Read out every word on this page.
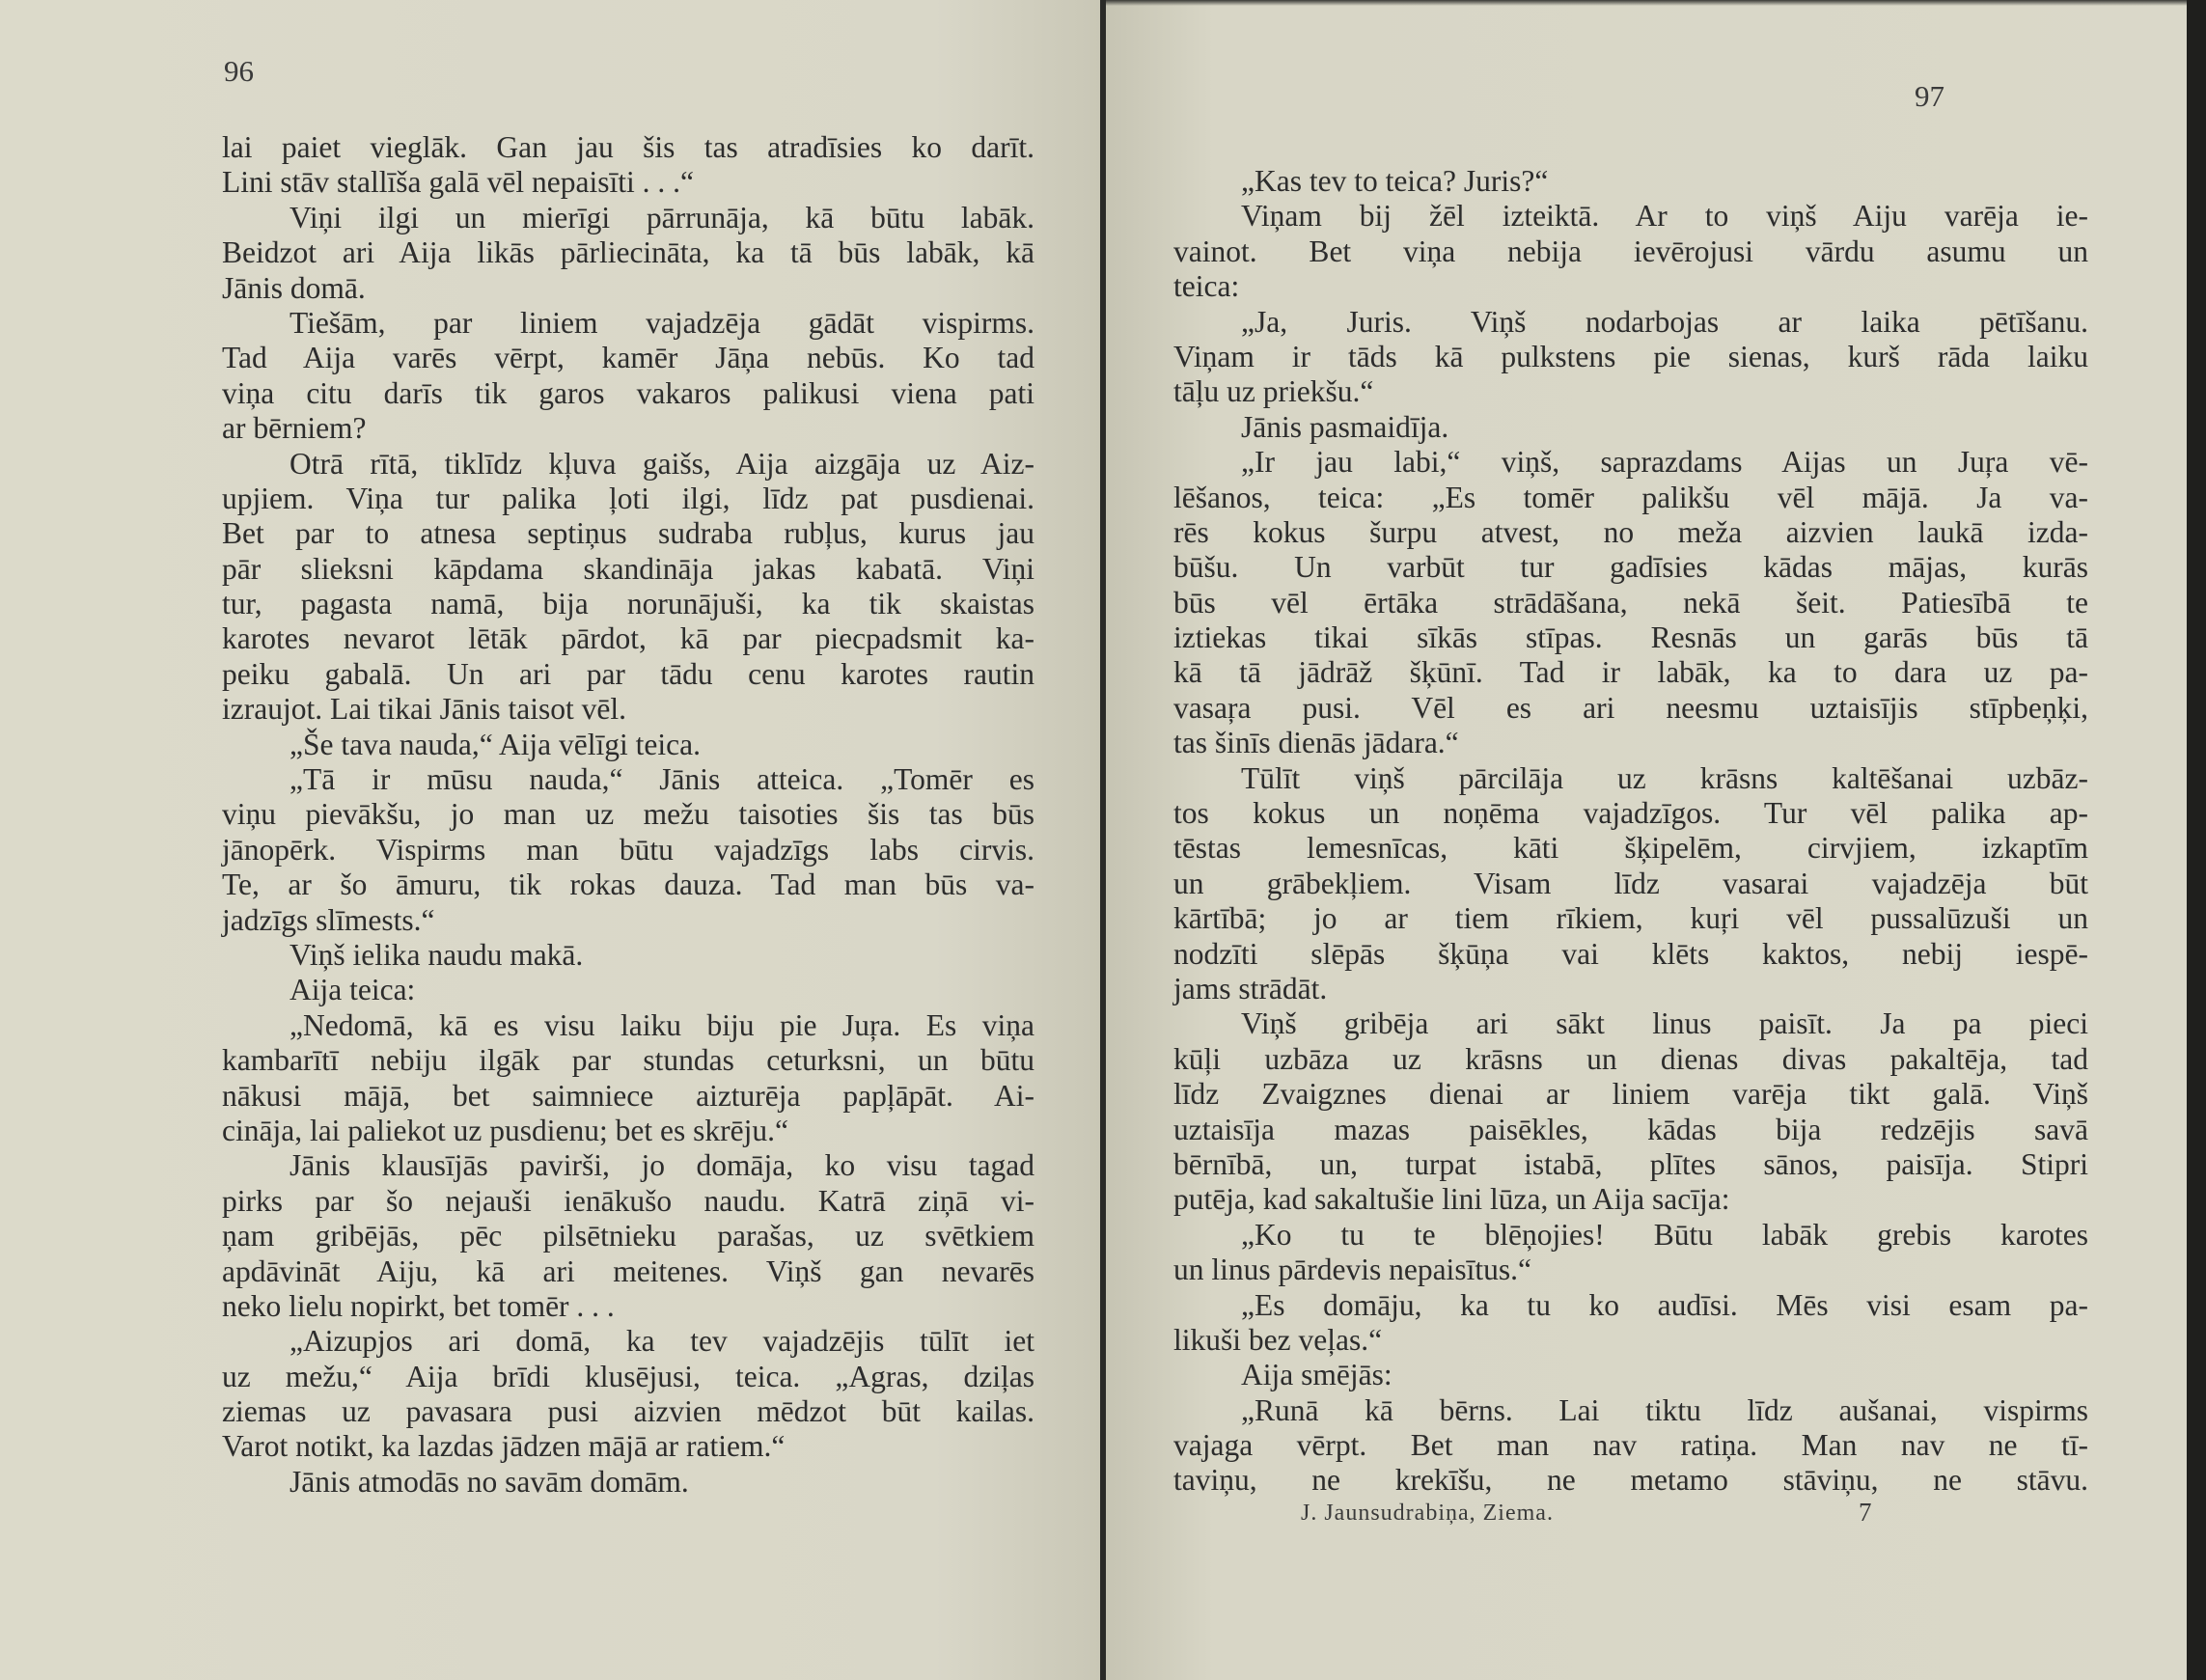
96
lai paiet vieglāk. Gan jau šis tas atradīsies ko darīt.
Lini stāv stallīša galā vēl nepaisīti . . .“
Viņi ilgi un mierīgi pārrunāja, kā būtu labāk.
Beidzot ari Aija likās pārliecināta, ka tā būs labāk, kā
Jānis domā.
Tiešām, par liniem vajadzēja gādāt vispirms.
Tad Aija varēs vērpt, kamēr Jāņa nebūs. Ko tad
viņa citu darīs tik garos vakaros palikusi viena pati
ar bērniem?
Otrā rītā, tiklīdz kļuva gaišs, Aija aizgāja uz Aiz-
upjiem. Viņa tur palika ļoti ilgi, līdz pat pusdienai.
Bet par to atnesa septiņus sudraba rubļus, kurus jau
pār slieksni kāpdama skandināja jakas kabatā. Viņi
tur, pagasta namā, bija norunājuši, ka tik skaistas
karotes nevarot lētāk pārdot, kā par piecpadsmit ka-
peiku gabalā. Un ari par tādu cenu karotes rautin
izraujot. Lai tikai Jānis taisot vēl.
„Še tava nauda,“ Aija vēlīgi teica.
„Tā ir mūsu nauda,“ Jānis atteica. „Tomēr es
viņu pievākšu, jo man uz mežu taisoties šis tas būs
jānopērk. Vispirms man būtu vajadzīgs labs cirvis.
Te, ar šo āmuru, tik rokas dauza. Tad man būs va-
jadzīgs slīmests.“
Viņš ielika naudu makā.
Aija teica:
„Nedomā, kā es visu laiku biju pie Juŗa. Es viņa
kambarītī nebiju ilgāk par stundas ceturksni, un būtu
nākusi mājā, bet saimniece aizturēja papļāpāt. Ai-
cināja, lai paliekot uz pusdienu; bet es skrēju.“
Jānis klausījās pavirši, jo domāja, ko visu tagad
pirks par šo nejauši ienākušo naudu. Katrā ziņā vi-
ņam gribējās, pēc pilsētnieku parašas, uz svētkiem
apdāvināt Aiju, kā ari meitenes. Viņš gan nevarēs
neko lielu nopirkt, bet tomēr . . .
„Aizupjos ari domā, ka tev vajadzējis tūlīt iet
uz mežu,“ Aija brīdi klusējusi, teica. „Agras, dziļas
ziemas uz pavasara pusi aizvien mēdzot būt kailas.
Varot notikt, ka lazdas jādzen mājā ar ratiem.“
Jānis atmodās no savām domām.
97
„Kas tev to teica? Juris?“
Viņam bij žēl izteiktā. Ar to viņš Aiju varēja ie-
vainot. Bet viņa nebija ievērojusi vārdu asumu un
teica:
„Ja, Juris. Viņš nodarbojas ar laika pētīšanu.
Viņam ir tāds kā pulkstens pie sienas, kurš rāda laiku
tāļu uz priekšu.“
Jānis pasmaidīja.
„Ir jau labi,“ viņš, saprazdams Aijas un Juŗa vē-
lēšanos, teica: „Es tomēr palikšu vēl mājā. Ja va-
rēs kokus šurpu atvest, no meža aizvien laukā izda-
būšu. Un varbūt tur gadīsies kādas mājas, kurās
būs vēl ērtāka strādāšana, nekā šeit. Patiesībā te
iztiekas tikai sīkās stīpas. Resnās un garās būs tā
kā tā jādrāž šķūnī. Tad ir labāk, ka to dara uz pa-
vasaŗa pusi. Vēl es ari neesmu uztaisījis stīpbeņķi,
tas šinīs dienās jādara.“
Tūlīt viņš pārcilāja uz krāsns kaltēšanai uzbāz-
tos kokus un noņēma vajadzīgos. Tur vēl palika ap-
tēstas lemesnīcas, kāti šķipelēm, cirvjiem, izkaptīm
un grābekļiem. Visam līdz vasarai vajadzēja būt
kārtībā; jo ar tiem rīkiem, kuŗi vēl pussalūzuši un
nodzīti slēpās šķūņa vai klēts kaktos, nebij iespē-
jams strādāt.
Viņš gribēja ari sākt linus paisīt. Ja pa pieci
kūļi uzbāza uz krāsns un dienas divas pakaltēja, tad
līdz Zvaigznes dienai ar liniem varēja tikt galā. Viņš
uztaisīja mazas paisēkles, kādas bija redzējis savā
bērnībā, un, turpat istabā, plītes sānos, paisīja. Stipri
putēja, kad sakaltušie lini lūza, un Aija sacīja:
„Ko tu te blēņojies! Būtu labāk grebis karotes
un linus pārdevis nepaisītus.“
„Es domāju, ka tu ko audīsi. Mēs visi esam pa-
likuši bez veļas.“
Aija smējās:
„Runā kā bērns. Lai tiktu līdz aušanai, vispirms
vajaga vērpt. Bet man nav ratiņa. Man nav ne tī-
taviņu, ne krekīšu, ne metamo stāviņu, ne stāvu.
J. Jaunsudrabiņa, Ziema.	7
